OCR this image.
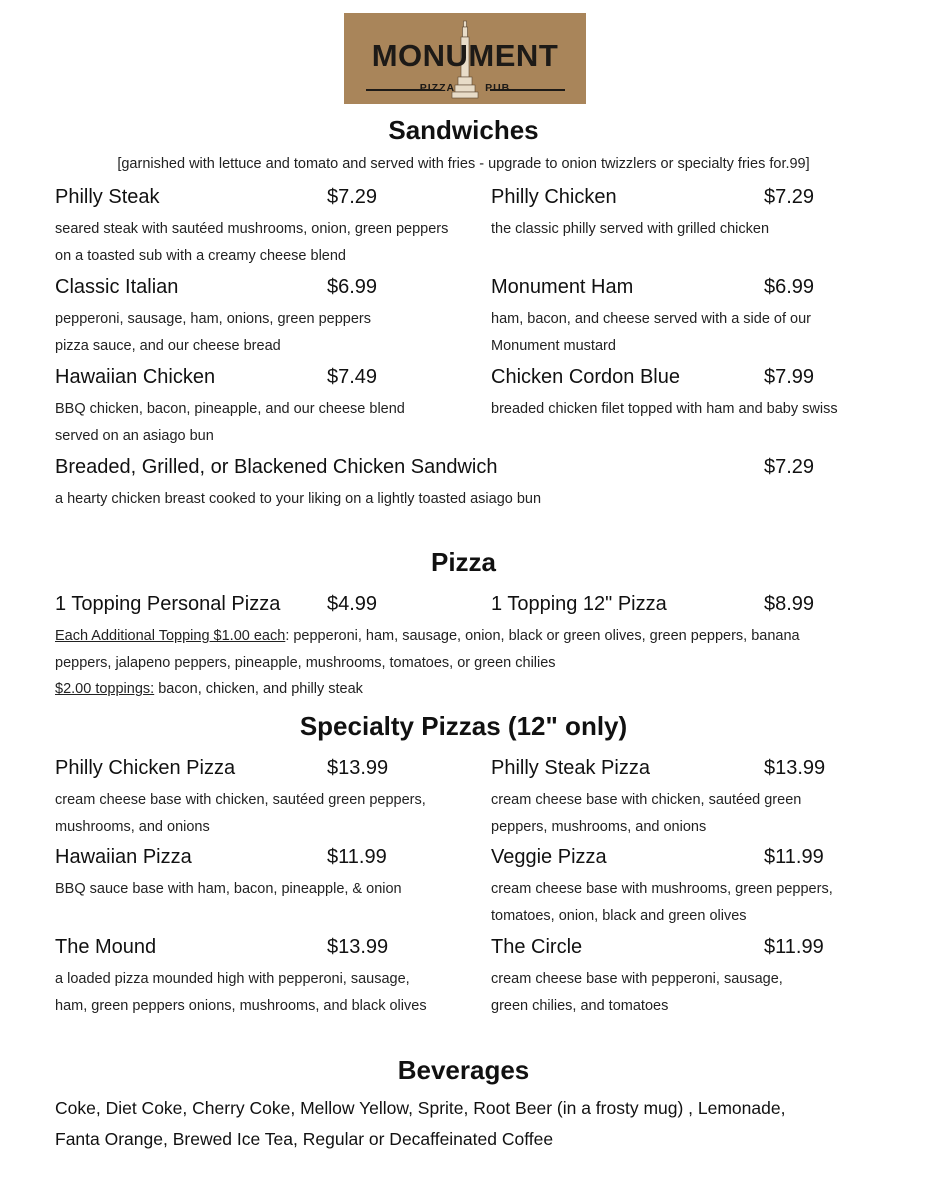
MONUMENT
PIZZA	PUB
Sandwiches
[garnished with lettuce and tomato and served with fries - upgrade to onion twizzlers or specialty fries for.99]
Philly Steak	$7.29
seared steak with sautéed mushrooms, onion, green peppers
on a toasted sub with a creamy cheese blend
Philly Chicken	$7.29
the classic philly served with grilled chicken
Classic Italian	$6.99
pepperoni, sausage, ham, onions, green peppers
pizza sauce, and our cheese bread
Monument Ham	$6.99
ham, bacon, and cheese served with a side of our
Monument mustard
Hawaiian Chicken	$7.49
BBQ chicken, bacon, pineapple, and our cheese blend
served on an asiago bun
Chicken Cordon Blue	$7.99
breaded chicken filet topped with ham and baby swiss
Breaded, Grilled, or Blackened Chicken Sandwich	$7.29
a hearty chicken breast cooked to your liking on a lightly toasted asiago bun
Pizza
1 Topping Personal Pizza $4.99	1 Topping 12" Pizza	$8.99
Each Additional Topping $1.00 each: pepperoni, ham, sausage, onion, black or green olives, green peppers, banana
peppers, jalapeno peppers, pineapple, mushrooms, tomatoes, or green chilies
$2.00 toppings: bacon, chicken, and philly steak
Specialty Pizzas (12" only)
Philly Chicken Pizza	$13.99
cream cheese base with chicken, sautéed green peppers,
mushrooms, and onions
Philly Steak Pizza	$13.99
cream cheese base with chicken, sautéed green
peppers, mushrooms, and onions
Hawaiian Pizza	$11.99
BBQ sauce base with ham, bacon, pineapple, & onion
Veggie Pizza	$11.99
cream cheese base with mushrooms, green peppers,
tomatoes, onion, black and green olives
The Mound	$13.99
a loaded pizza mounded high with pepperoni, sausage,
ham, green peppers onions, mushrooms, and black olives
The Circle	$11.99
cream cheese base with pepperoni, sausage,
green chilies, and tomatoes
Beverages
Coke, Diet Coke, Cherry Coke, Mellow Yellow, Sprite, Root Beer (in a frosty mug) , Lemonade,
Fanta Orange, Brewed Ice Tea, Regular or Decaffeinated Coffee
